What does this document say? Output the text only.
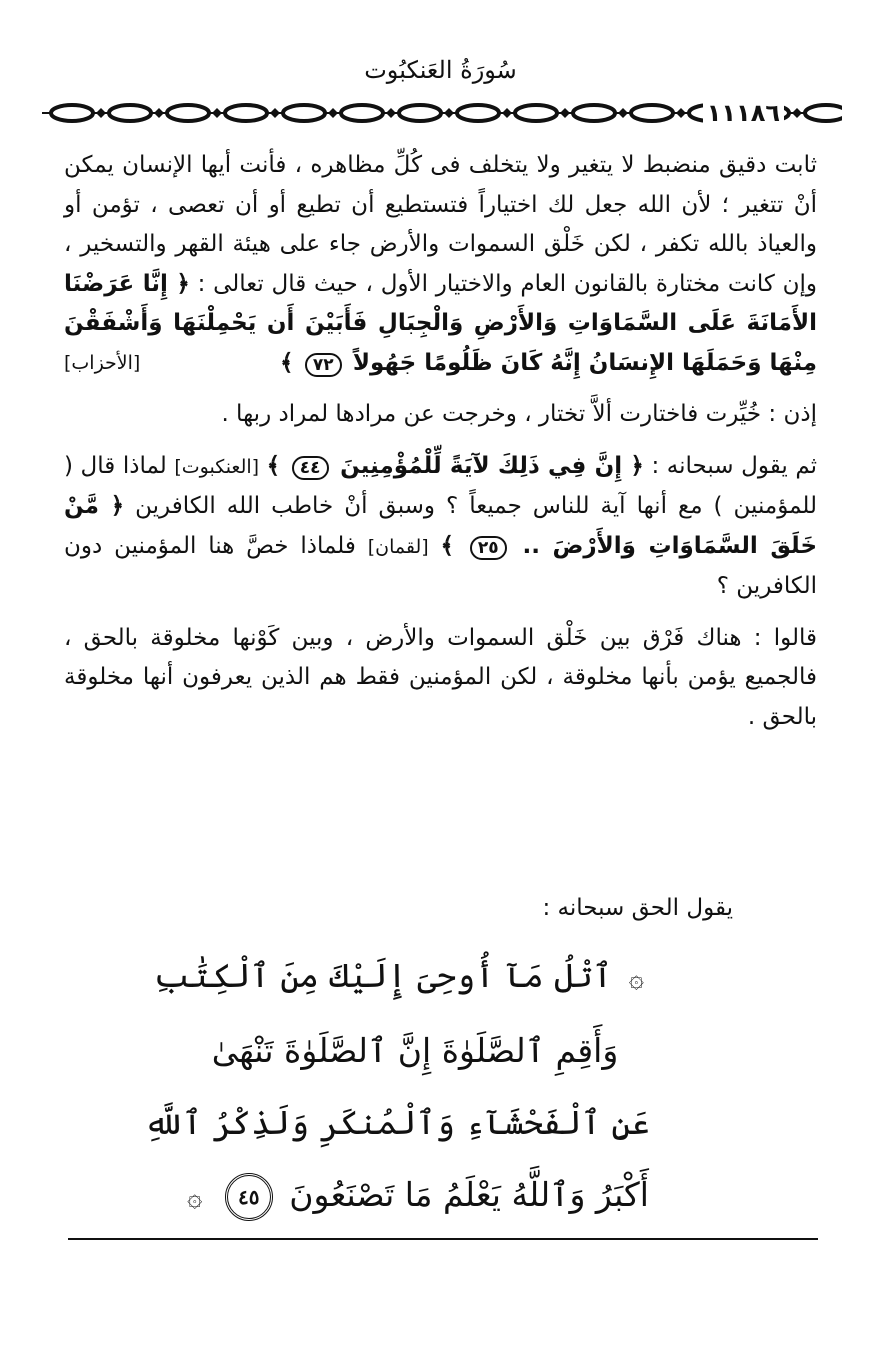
سُورَةُ العَنكبُوت
١١١٨٦

ثابت دقيق منضبط لا يتغير ولا يتخلف فى كُلِّ مظاهره ، فأنت أيها الإنسان يمكن أنْ تتغير ؛ لأن الله جعل لك اختياراً فتستطيع أن تطيع أو أن تعصى ، تؤمن أو والعياذ بالله تكفر ، لكن خَلْق السموات والأرض جاء على هيئة القهر والتسخير ، وإن كانت مختارة بالقانون العام والاختيار الأول ، حيث قال تعالى : ﴿ إِنَّا عَرَضْنَا الأَمَانَةَ عَلَى السَّمَاوَاتِ وَالأَرْضِ وَالْجِبَالِ فَأَبَيْنَ أَن يَحْمِلْنَهَا وَأَشْفَقْنَ مِنْهَا وَحَمَلَهَا الإِنسَانُ إِنَّهُ كَانَ ظَلُومًا جَهُولاً ٧٢ ﴾
[الأحزاب]

إذن : خُيِّرت فاختارت ألاَّ تختار ، وخرجت عن مرادها لمراد ربها .

ثم يقول سبحانه : ﴿ إِنَّ فِي ذَلِكَ لآيَةً لِّلْمُؤْمِنِينَ ٤٤ ﴾ [العنكبوت] لماذا قال ( للمؤمنين ) مع أنها آية للناس جميعاً ؟ وسبق أنْ خاطب الله الكافرين ﴿ مَّنْ خَلَقَ السَّمَاوَاتِ وَالأَرْضَ .. ٢٥ ﴾ [لقمان] فلماذا خصَّ هنا المؤمنين دون الكافرين ؟

قالوا : هناك فَرْق بين خَلْق السموات والأرض ، وبين كَوْنها مخلوقة بالحق ، فالجميع يؤمن بأنها مخلوقة ، لكن المؤمنين فقط هم الذين يعرفون أنها مخلوقة بالحق .

يقول الحق سبحانه :
۞ ٱتْلُ مَآ أُوحِىَ إِلَيْكَ مِنَ ٱلْكِتَٰبِ
وَأَقِمِ ٱلصَّلَوٰةَ إِنَّ ٱلصَّلَوٰةَ تَنْهَىٰ
عَنِ ٱلْفَحْشَآءِ وَٱلْمُنكَرِ وَلَذِكْرُ ٱللَّهِ
أَكْبَرُ وَٱللَّهُ يَعْلَمُ مَا تَصْنَعُونَ ٤٥ ۞
